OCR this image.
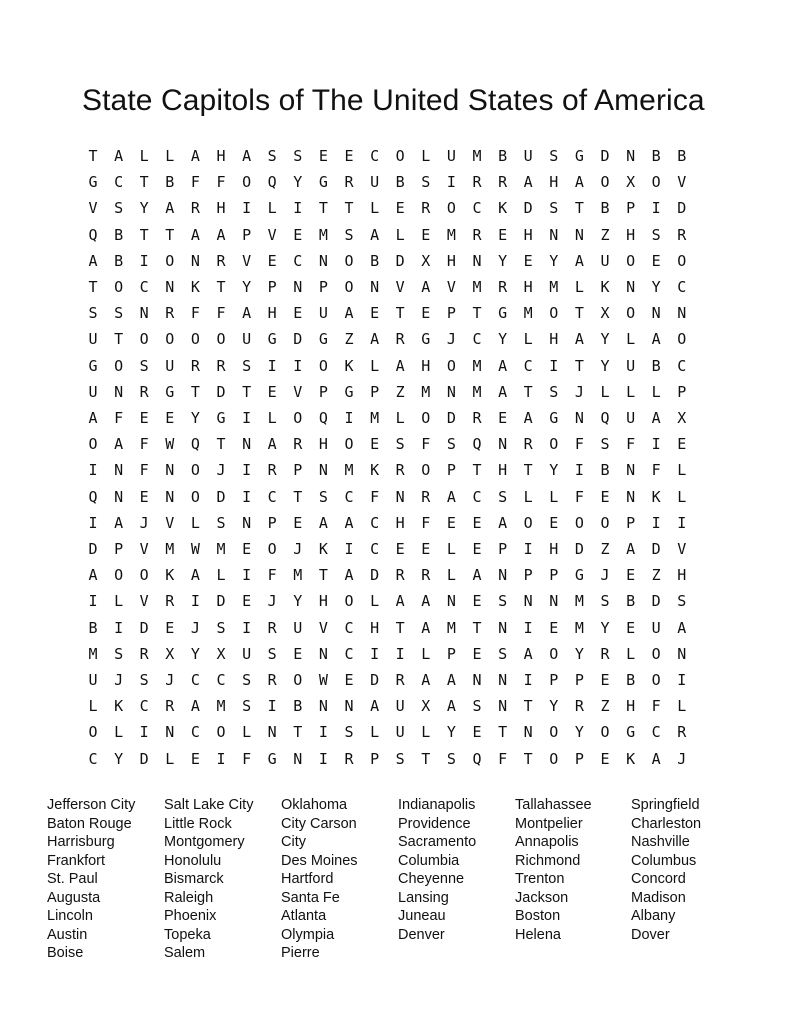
State Capitols of The United States of America
T	A	L	L	A	H	A	S	S	E	E	C	O	L	U	M	B	U	S	G	D	N	B	B
G	C	T	B	F	F	O	Q	Y	G	R	U	B	S	I	R	R	A	H	A	O	X	O	V
V	S	Y	A	R	H	I	L	I	T	T	L	E	R	O	C	K	D	S	T	B	P	I	D
Q	B	T	T	A	A	P	V	E	M	S	A	L	E	M	R	E	H	N	N	Z	H	S	R
A	B	I	O	N	R	V	E	C	N	O	B	D	X	H	N	Y	E	Y	A	U	O	E	O
T	O	C	N	K	T	Y	P	N	P	O	N	V	A	V	M	R	H	M	L	K	N	Y	C
S	S	N	R	F	F	A	H	E	U	A	E	T	E	P	T	G	M	O	T	X	O	N	N
U	T	O	O	O	O	U	G	D	G	Z	A	R	G	J	C	Y	L	H	A	Y	L	A	O
G	O	S	U	R	R	S	I	I	O	K	L	A	H	O	M	A	C	I	T	Y	U	B	C
U	N	R	G	T	D	T	E	V	P	G	P	Z	M	N	M	A	T	S	J	L	L	L	P
A	F	E	E	Y	G	I	L	O	Q	I	M	L	O	D	R	E	A	G	N	Q	U	A	X
O	A	F	W	Q	T	N	A	R	H	O	E	S	F	S	Q	N	R	O	F	S	F	I	E
I	N	F	N	O	J	I	R	P	N	M	K	R	O	P	T	H	T	Y	I	B	N	F	L
Q	N	E	N	O	D	I	C	T	S	C	F	N	R	A	C	S	L	L	F	E	N	K	L
I	A	J	V	L	S	N	P	E	A	A	C	H	F	E	E	A	O	E	O	O	P	I	I
D	P	V	M	W	M	E	O	J	K	I	C	E	E	L	E	P	I	H	D	Z	A	D	V
A	O	O	K	A	L	I	F	M	T	A	D	R	R	L	A	N	P	P	G	J	E	Z	H
I	L	V	R	I	D	E	J	Y	H	O	L	A	A	N	E	S	N	N	M	S	B	D	S
B	I	D	E	J	S	I	R	U	V	C	H	T	A	M	T	N	I	E	M	Y	E	U	A
M	S	R	X	Y	X	U	S	E	N	C	I	I	L	P	E	S	A	O	Y	R	L	O	N
U	J	S	J	C	C	S	R	O	W	E	D	R	A	A	N	N	I	P	P	E	B	O	I
L	K	C	R	A	M	S	I	B	N	N	A	U	X	A	S	N	T	Y	R	Z	H	F	L
O	L	I	N	C	O	L	N	T	I	S	L	U	L	Y	E	T	N	O	Y	O	G	C	R
C	Y	D	L	E	I	F	G	N	I	R	P	S	T	S	Q	F	T	O	P	E	K	A	J
Jefferson City
Baton Rouge
Harrisburg
Frankfort
St. Paul
Augusta
Lincoln
Austin
Boise
Salt Lake City
Little Rock
Montgomery
Honolulu
Bismarck
Raleigh
Phoenix
Topeka
Salem
Oklahoma
City Carson
City
Des Moines
Hartford
Santa Fe
Atlanta
Olympia
Pierre
Indianapolis
Providence
Sacramento
Columbia
Cheyenne
Lansing
Juneau
Denver
Tallahassee
Montpelier
Annapolis
Richmond
Trenton
Jackson
Boston
Helena
Springfield
Charleston
Nashville
Columbus
Concord
Madison
Albany
Dover
